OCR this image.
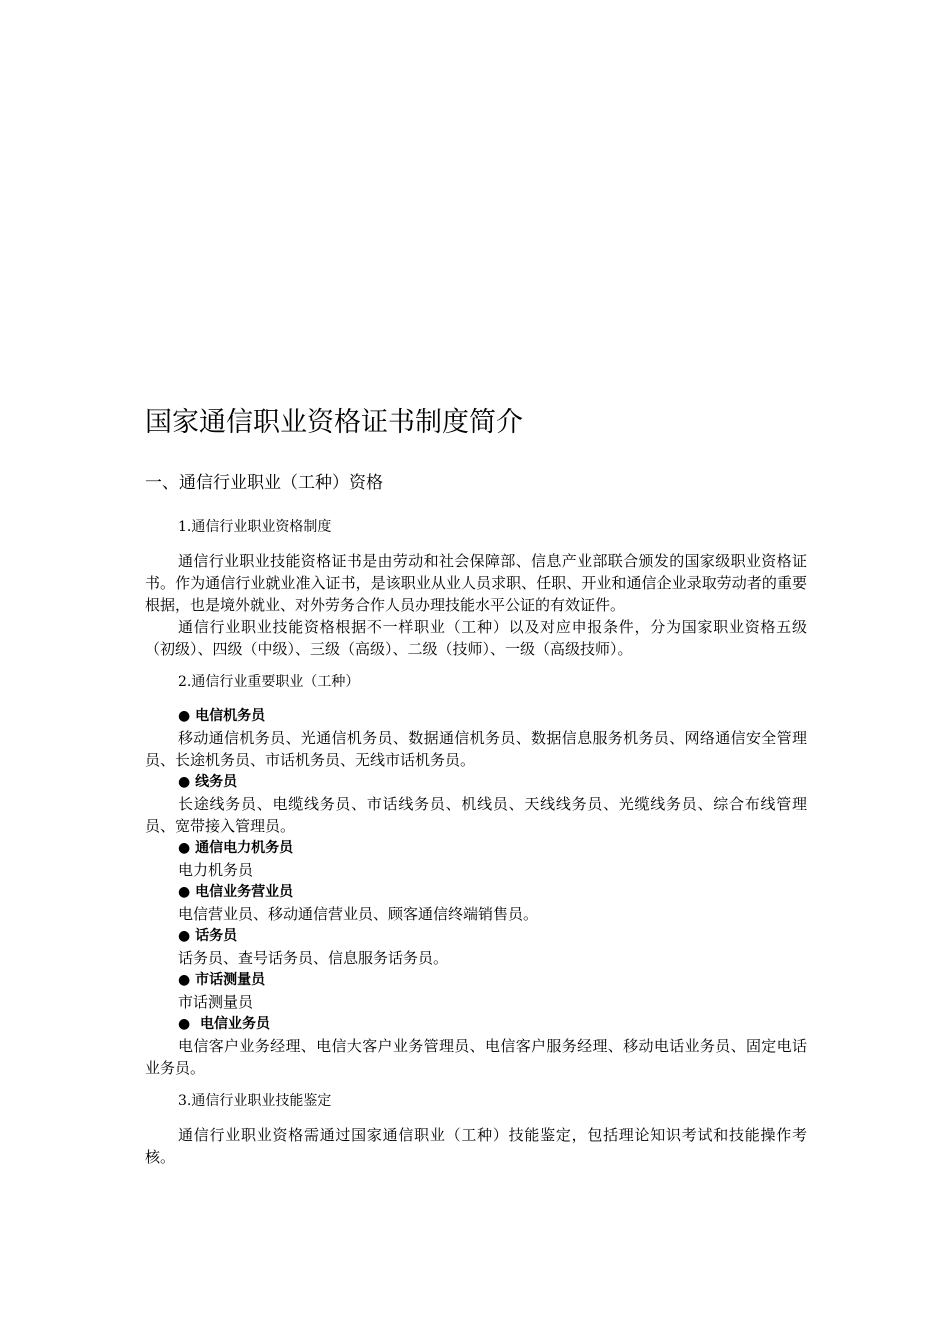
国家通信职业资格证书制度简介
一、通信行业职业（工种）资格

1.通信行业职业资格制度

通信行业职业技能资格证书是由劳动和社会保障部、信息产业部联合颁发的国家级职业资格证书。作为通信行业就业准入证书，是该职业从业人员求职、任职、开业和通信企业录取劳动者的重要根据，也是境外就业、对外劳务合作人员办理技能水平公证的有效证件。

通信行业职业技能资格根据不一样职业（工种）以及对应申报条件，分为国家职业资格五级（初级）、四级（中级）、三级（高级）、二级（技师）、一级（高级技师）。

2.通信行业重要职业（工种）

● 电信机务员

移动通信机务员、光通信机务员、数据通信机务员、数据信息服务机务员、网络通信安全管理员、长途机务员、市话机务员、无线市话机务员。

● 线务员

长途线务员、电缆线务员、市话线务员、机线员、天线线务员、光缆线务员、综合布线管理员、宽带接入管理员。

● 通信电力机务员

电力机务员

● 电信业务营业员

电信营业员、移动通信营业员、顾客通信终端销售员。

● 话务员

话务员、查号话务员、信息服务话务员。

● 市话测量员

市话测量员

●  电信业务员

电信客户业务经理、电信大客户业务管理员、电信客户服务经理、移动电话业务员、固定电话业务员。

3.通信行业职业技能鉴定

通信行业职业资格需通过国家通信职业（工种）技能鉴定，包括理论知识考试和技能操作考核。
